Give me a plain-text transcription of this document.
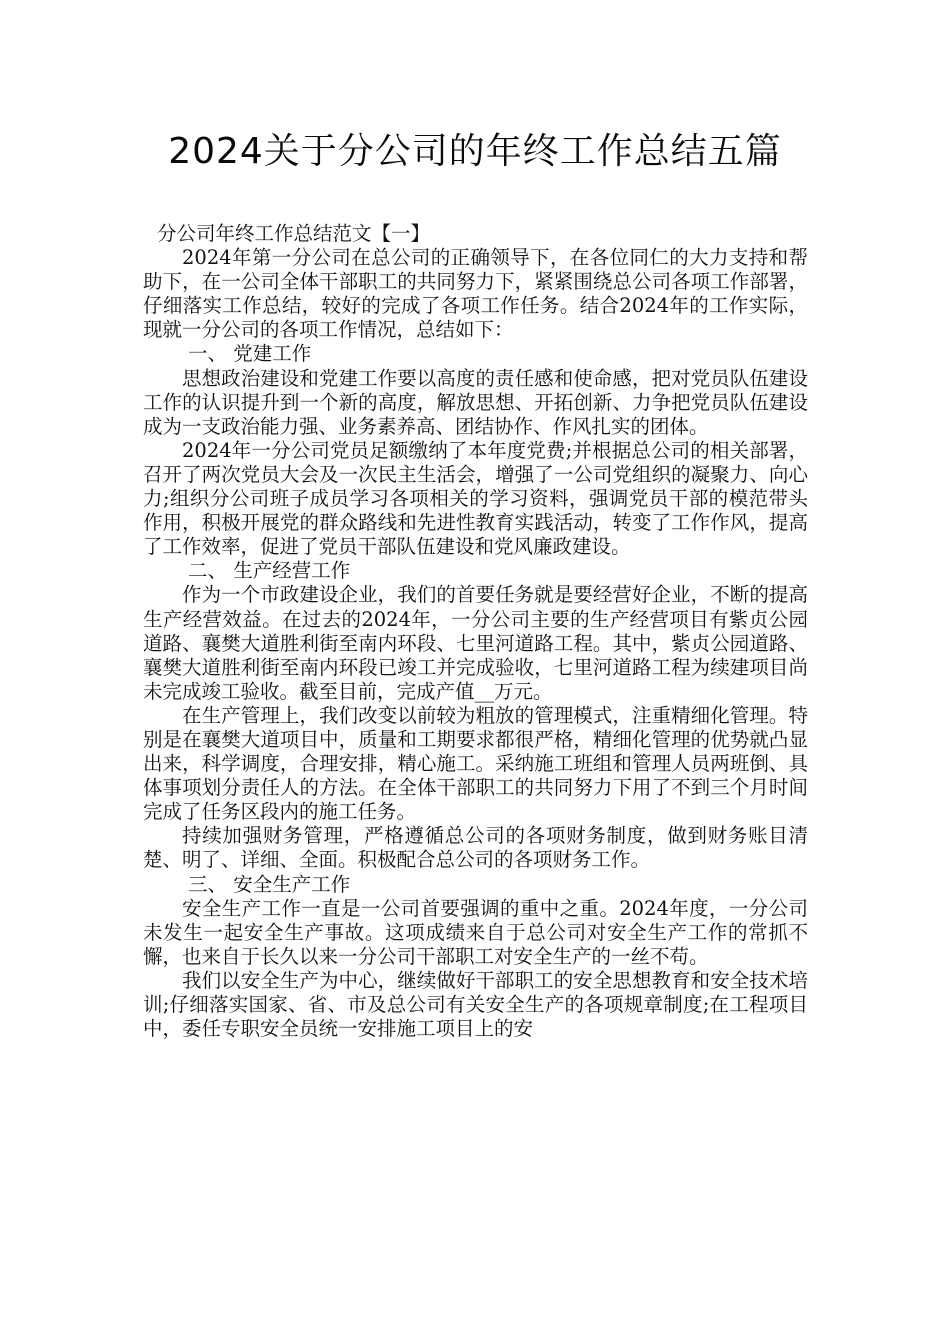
2024关于分公司的年终工作总结五篇

分公司年终工作总结范文【一】

2024年第一分公司在总公司的正确领导下，在各位同仁的大力支持和帮助下，在一公司全体干部职工的共同努力下，紧紧围绕总公司各项工作部署，仔细落实工作总结，较好的完成了各项工作任务。结合2024年的工作实际，现就一分公司的各项工作情况，总结如下：

一、 党建工作

思想政治建设和党建工作要以高度的责任感和使命感，把对党员队伍建设工作的认识提升到一个新的高度，解放思想、开拓创新、力争把党员队伍建设成为一支政治能力强、业务素养高、团结协作、作风扎实的团体。

2024年一分公司党员足额缴纳了本年度党费;并根据总公司的相关部署，召开了两次党员大会及一次民主生活会，增强了一公司党组织的凝聚力、向心力;组织分公司班子成员学习各项相关的学习资料，强调党员干部的模范带头作用，积极开展党的群众路线和先进性教育实践活动，转变了工作作风，提高了工作效率，促进了党员干部队伍建设和党风廉政建设。

二、 生产经营工作

作为一个市政建设企业，我们的首要任务就是要经营好企业，不断的提高生产经营效益。在过去的2024年，一分公司主要的生产经营项目有紫贞公园道路、襄樊大道胜利街至南内环段、七里河道路工程。其中，紫贞公园道路、襄樊大道胜利街至南内环段已竣工并完成验收，七里河道路工程为续建项目尚未完成竣工验收。截至目前，完成产值__万元。

在生产管理上，我们改变以前较为粗放的管理模式，注重精细化管理。特别是在襄樊大道项目中，质量和工期要求都很严格，精细化管理的优势就凸显出来，科学调度，合理安排，精心施工。采纳施工班组和管理人员两班倒、具体事项划分责任人的方法。在全体干部职工的共同努力下用了不到三个月时间完成了任务区段内的施工任务。

持续加强财务管理，严格遵循总公司的各项财务制度，做到财务账目清楚、明了、详细、全面。积极配合总公司的各项财务工作。

三、 安全生产工作

安全生产工作一直是一公司首要强调的重中之重。2024年度，一分公司未发生一起安全生产事故。这项成绩来自于总公司对安全生产工作的常抓不懈，也来自于长久以来一分公司干部职工对安全生产的一丝不苟。

我们以安全生产为中心，继续做好干部职工的安全思想教育和安全技术培训;仔细落实国家、省、市及总公司有关安全生产的各项规章制度;在工程项目中，委任专职安全员统一安排施工项目上的安
